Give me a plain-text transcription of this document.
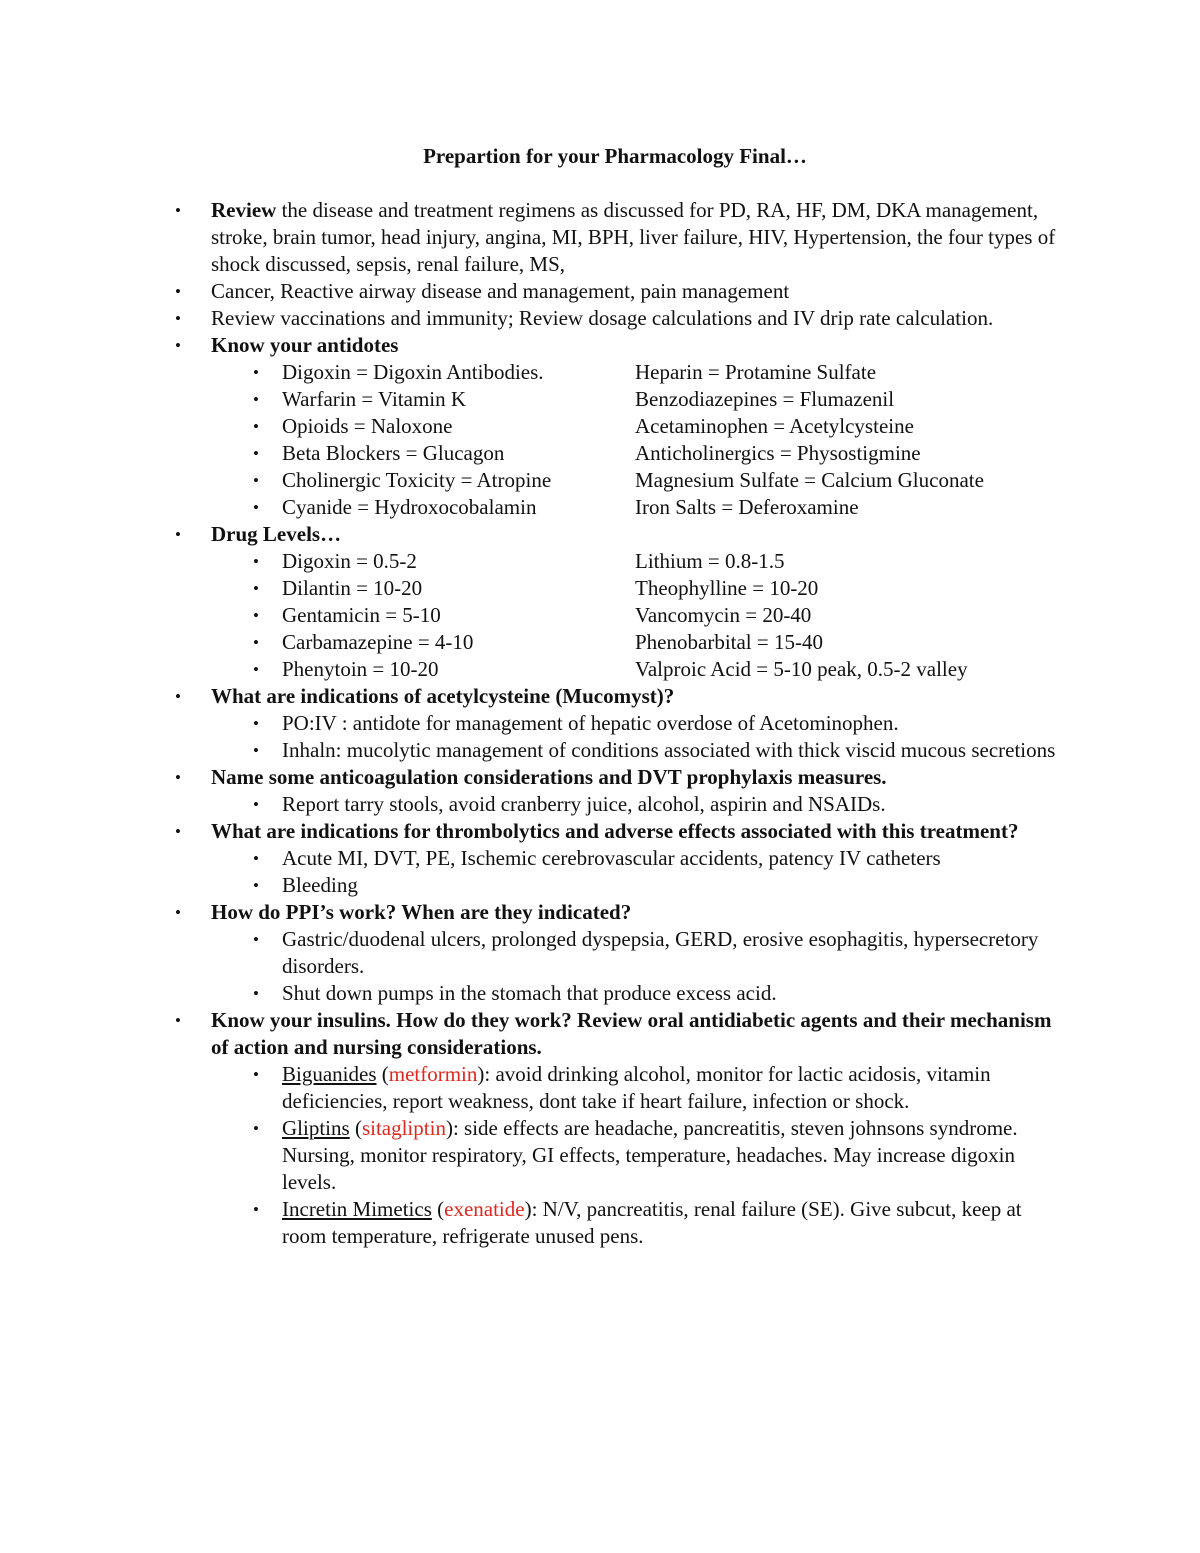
Prepartion for your Pharmacology Final…
• Review the disease and treatment regimens as discussed for PD, RA, HF, DM, DKA management, stroke, brain tumor, head injury, angina, MI, BPH, liver failure, HIV, Hypertension, the four types of shock discussed, sepsis, renal failure, MS,
• Cancer, Reactive airway disease and management, pain management
• Review vaccinations and immunity; Review dosage calculations and IV drip rate calculation.
• Know your antidotes
• Digoxin = Digoxin Antibodies.	Heparin = Protamine Sulfate
• Warfarin = Vitamin K	Benzodiazepines = Flumazenil
• Opioids = Naloxone	Acetaminophen = Acetylcysteine
• Beta Blockers = Glucagon	Anticholinergics = Physostigmine
• Cholinergic Toxicity = Atropine	Magnesium Sulfate = Calcium Gluconate
• Cyanide = Hydroxocobalamin	Iron Salts = Deferoxamine
• Drug Levels…
• Digoxin = 0.5-2	Lithium = 0.8-1.5
• Dilantin = 10-20	Theophylline = 10-20
• Gentamicin = 5-10	Vancomycin = 20-40
• Carbamazepine = 4-10	Phenobarbital = 15-40
• Phenytoin = 10-20	Valproic Acid = 5-10 peak, 0.5-2 valley
• What are indications of acetylcysteine (Mucomyst)?
• PO:IV : antidote for management of hepatic overdose of Acetominophen.
• Inhaln: mucolytic management of conditions associated with thick viscid mucous secretions
• Name some anticoagulation considerations and DVT prophylaxis measures.
• Report tarry stools, avoid cranberry juice, alcohol, aspirin and NSAIDs.
• What are indications for thrombolytics and adverse effects associated with this treatment?
• Acute MI, DVT, PE, Ischemic cerebrovascular accidents, patency IV catheters
• Bleeding
• How do PPI’s work? When are they indicated?
• Gastric/duodenal ulcers, prolonged dyspepsia, GERD, erosive esophagitis, hypersecretory disorders.
• Shut down pumps in the stomach that produce excess acid.
• Know your insulins. How do they work? Review oral antidiabetic agents and their mechanism of action and nursing considerations.
• Biguanides (metformin): avoid drinking alcohol, monitor for lactic acidosis, vitamin deficiencies, report weakness, dont take if heart failure, infection or shock.
• Gliptins (sitagliptin): side effects are headache, pancreatitis, steven johnsons syndrome. Nursing, monitor respiratory, GI effects, temperature, headaches. May increase digoxin levels.
• Incretin Mimetics (exenatide): N/V, pancreatitis, renal failure (SE). Give subcut, keep at room temperature, refrigerate unused pens.
